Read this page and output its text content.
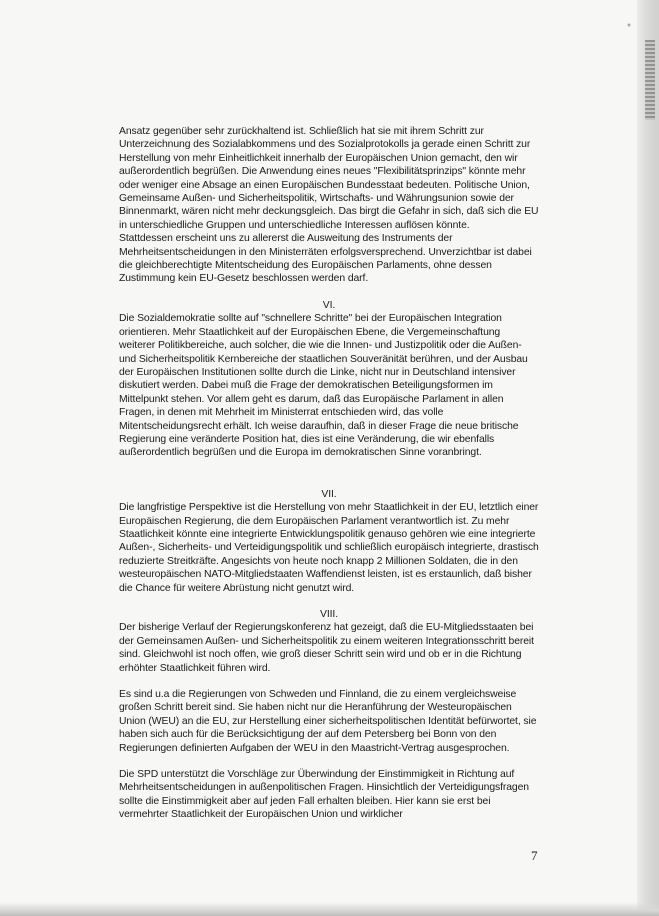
Ansatz gegenüber sehr zurückhaltend ist. Schließlich hat sie mit ihrem Schritt zur Unterzeichnung des Sozialabkommens und des Sozialprotokolls ja gerade einen Schritt zur Herstellung von mehr Einheitlichkeit innerhalb der Europäischen Union gemacht, den wir außerordentlich begrüßen. Die Anwendung eines neues "Flexibilitätsprinzips" könnte mehr oder weniger eine Absage an einen Europäischen Bundesstaat bedeuten. Politische Union, Gemeinsame Außen- und Sicherheitspolitik, Wirtschafts- und Währungsunion sowie der Binnenmarkt, wären nicht mehr deckungsgleich. Das birgt die Gefahr in sich, daß sich die EU in unterschiedliche Gruppen und unterschiedliche Interessen auflösen könnte.

Stattdessen erscheint uns zu allererst die Ausweitung des Instruments der Mehrheitsentscheidungen in den Ministerräten erfolgsversprechend. Unverzichtbar ist dabei die gleichberechtigte Mitentscheidung des Europäischen Parlaments, ohne dessen Zustimmung kein EU-Gesetz beschlossen werden darf.

VI.

Die Sozialdemokratie sollte auf "schnellere Schritte" bei der Europäischen Integration orientieren. Mehr Staatlichkeit auf der Europäischen Ebene, die Vergemeinschaftung weiterer Politikbereiche, auch solcher, die wie die Innen- und Justizpolitik oder die Außen- und Sicherheitspolitik Kernbereiche der staatlichen Souveränität berühren, und der Ausbau der Europäischen Institutionen sollte durch die Linke, nicht nur in Deutschland intensiver diskutiert werden. Dabei muß die Frage der demokratischen Beteiligungsformen im Mittelpunkt stehen. Vor allem geht es darum, daß das Europäische Parlament in allen Fragen, in denen mit Mehrheit im Ministerrat entschieden wird, das volle Mitentscheidungsrecht erhält. Ich weise daraufhin, daß in dieser Frage die neue britische Regierung eine veränderte Position hat, dies ist eine Veränderung, die wir ebenfalls außerordentlich begrüßen und die Europa im demokratischen Sinne voranbringt.

VII.

Die langfristige Perspektive ist die Herstellung von mehr Staatlichkeit in der EU, letztlich einer Europäischen Regierung, die dem Europäischen Parlament verantwortlich ist. Zu mehr Staatlichkeit könnte eine integrierte Entwicklungspolitik genauso gehören wie eine integrierte Außen-, Sicherheits- und Verteidigungspolitik und schließlich europäisch integrierte, drastisch reduzierte Streitkräfte. Angesichts von heute noch knapp 2 Millionen Soldaten, die in den westeuropäischen NATO-Mitgliedstaaten Waffendienst leisten, ist es erstaunlich, daß bisher die Chance für weitere Abrüstung nicht genutzt wird.

VIII.

Der bisherige Verlauf der Regierungskonferenz hat gezeigt, daß die EU-Mitgliedsstaaten bei der Gemeinsamen Außen- und Sicherheitspolitik zu einem weiteren Integrationsschritt bereit sind. Gleichwohl ist noch offen, wie groß dieser Schritt sein wird und ob er in die Richtung erhöhter Staatlichkeit führen wird.

Es sind u.a die Regierungen von Schweden und Finnland, die zu einem vergleichsweise großen Schritt bereit sind. Sie haben nicht nur die Heranführung der Westeuropäischen Union (WEU) an die EU, zur Herstellung einer sicherheitspolitischen Identität befürwortet, sie haben sich auch für die Berücksichtigung der auf dem Petersberg bei Bonn von den Regierungen definierten Aufgaben der WEU in den Maastricht-Vertrag ausgesprochen.

Die SPD unterstützt die Vorschläge zur Überwindung der Einstimmigkeit in Richtung auf Mehrheitsentscheidungen in außenpolitischen Fragen. Hinsichtlich der Verteidigungsfragen sollte die Einstimmigkeit aber auf jeden Fall erhalten bleiben. Hier kann sie erst bei vermehrter Staatlichkeit der Europäischen Union und wirklicher

7
